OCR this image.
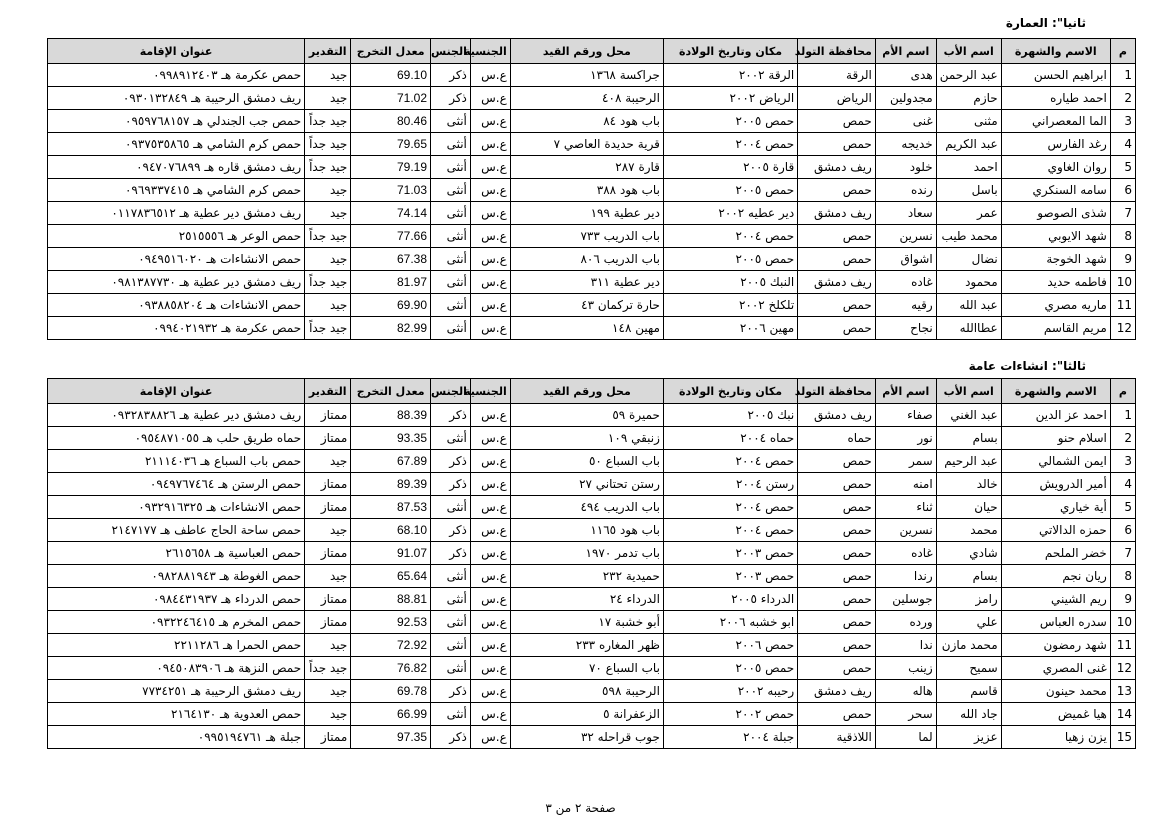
ثانيا": العمارة
م	الاسم والشهرة	اسم الأب	اسم الأم	محافظة التولد	مكان وتاريخ الولادة	محل ورقم القيد	الجنسية	الجنس	معدل التخرج	التقدير	عنوان الإقامة
1	ابراهيم الحسن	عبد الرحمن	هدى	الرقة	الرقة ٢٠٠٢	جراكسة ١٣٦٨	ع.س	ذكر	69.10	جيد	حمص عكرمة هـ ٠٩٩٨٩١٢٤٠٣
2	احمد طياره	حازم	مجدولين	الرياض	الرياض ٢٠٠٢	الرحيبة ٤٠٨	ع.س	ذكر	71.02	جيد	ريف دمشق الرحيبة هـ ٠٩٣٠١٣٢٨٤٩
3	الما المعصراني	مثنى	غنى	حمص	حمص ٢٠٠٥	باب هود ٨٤	ع.س	أنثى	80.46	جيد جداً	حمص جب الجندلي هـ ٠٩٥٩٧٦٨١٥٧
4	رغد الفارس	عبد الكريم	خديجه	حمص	حمص ٢٠٠٤	قرية حديدة العاصي ٧	ع.س	أنثى	79.65	جيد جداً	حمص كرم الشامي هـ ٠٩٣٧٥٣٥٨٦٥
5	روان الغاوي	احمد	خلود	ريف دمشق	قارة ٢٠٠٥	قارة ٢٨٧	ع.س	أنثى	79.19	جيد جداً	ريف دمشق قاره هـ ٠٩٤٧٠٧٦٨٩٩
6	سامه السنكري	باسل	رنده	حمص	حمص ٢٠٠٥	باب هود ٣٨٨	ع.س	أنثى	71.03	جيد	حمص كرم الشامي هـ ٠٩٦٩٣٣٧٤١٥
7	شذى الصوصو	عمر	سعاد	ريف دمشق	دير عطيه ٢٠٠٢	دير عطية ١٩٩	ع.س	أنثى	74.14	جيد	ريف دمشق دير عطية هـ ٠١١٧٨٣٦٥١٢
8	شهد الايوبي	محمد طيب	نسرين	حمص	حمص ٢٠٠٤	باب الدريب ٧٣٣	ع.س	أنثى	77.66	جيد جداً	حمص الوعر هـ ٢٥١٥٥٥٦
9	شهد الخوجة	نضال	اشواق	حمص	حمص ٢٠٠٥	باب الدريب ٨٠٦	ع.س	أنثى	67.38	جيد	حمص الانشاءات هـ ٠٩٤٩٥١٦٠٢٠
10	فاطمه حديد	محمود	غاده	ريف دمشق	النبك ٢٠٠٥	دير عطية ٣١١	ع.س	أنثى	81.97	جيد جداً	ريف دمشق دير عطية هـ ٠٩٨١٣٨٧٧٣٠
11	ماريه مصري	عبد الله	رقيه	حمص	تلكلخ ٢٠٠٢	حارة تركمان ٤٣	ع.س	أنثى	69.90	جيد	حمص الانشاءات هـ ٠٩٣٨٨٥٨٢٠٤
12	مريم القاسم	عطاالله	نجاح	حمص	مهين ٢٠٠٦	مهين ١٤٨	ع.س	أنثى	82.99	جيد جداً	حمص عكرمة هـ ٠٩٩٤٠٢١٩٣٢
ثالثا": انشاءات عامة
م	الاسم والشهرة	اسم الأب	اسم الأم	محافظة التولد	مكان وتاريخ الولادة	محل ورقم القيد	الجنسية	الجنس	معدل التخرج	التقدير	عنوان الإقامة
1	احمد عز الدين	عبد الغني	صفاء	ريف دمشق	نبك ٢٠٠٥	حميرة ٥٩	ع.س	ذكر	88.39	ممتاز	ريف دمشق دير عطية هـ ٠٩٣٢٨٣٨٨٢٦
2	اسلام حنو	بسام	نور	حماه	حماه ٢٠٠٤	زنبقي ١٠٩	ع.س	أنثى	93.35	ممتاز	حماه طريق حلب هـ ٠٩٥٤٨٧١٠٥٥
3	ايمن الشمالي	عبد الرحيم	سمر	حمص	حمص ٢٠٠٤	باب السباع ٥٠	ع.س	ذكر	67.89	جيد	حمص باب السباع هـ ٢١١١٤٠٣٦
4	أمير الدرويش	خالد	امنه	حمص	رستن ٢٠٠٤	رستن تحتاني ٢٧	ع.س	ذكر	89.39	ممتاز	حمص الرستن هـ ٠٩٤٩٧٦٧٤٦٤
5	أية خياري	حيان	ثناء	حمص	حمص ٢٠٠٤	باب الدريب ٤٩٤	ع.س	أنثى	87.53	ممتاز	حمص الانشاءات هـ ٠٩٣٢٩١٦٣٢٥
6	حمزه الدالاتي	محمد	نسرين	حمص	حمص ٢٠٠٤	باب هود ١١٦٥	ع.س	ذكر	68.10	جيد	حمص ساحة الحاج عاطف هـ ٢١٤٧١٧٧
7	خضر الملحم	شادي	غاده	حمص	حمص ٢٠٠٣	باب تدمر ١٩٧٠	ع.س	ذكر	91.07	ممتاز	حمص العباسية هـ ٢٦١٥٦٥٨
8	ريان نجم	بسام	رندا	حمص	حمص ٢٠٠٣	حميدية ٢٣٢	ع.س	أنثى	65.64	جيد	حمص الغوطة هـ ٠٩٨٢٨٨١٩٤٣
9	ريم الشيني	رامز	جوسلين	حمص	الدرداء ٢٠٠٥	الدرداء ٢٤	ع.س	أنثى	88.81	ممتاز	حمص الدرداء هـ ٠٩٨٤٤٣١٩٣٧
10	سدره العباس	علي	ورده	حمص	ابو خشبه ٢٠٠٦	أبو خشبة ١٧	ع.س	أنثى	92.53	ممتاز	حمص المخرم هـ ٠٩٣٢٢٤٦٤١٥
11	شهد رمضون	محمد مازن	ندا	حمص	حمص ٢٠٠٦	ظهر المغاره ٢٣٣	ع.س	أنثى	72.92	جيد	حمص الحمرا هـ ٢٢١١٢٨٦
12	غنى المصري	سميح	زينب	حمص	حمص ٢٠٠٥	باب السباع ٧٠	ع.س	أنثى	76.82	جيد جداً	حمص النزهة هـ ٠٩٤٥٠٨٣٩٠٦
13	محمد حينون	قاسم	هاله	ريف دمشق	رحيبه ٢٠٠٢	الرحيبة ٥٩٨	ع.س	ذكر	69.78	جيد	ريف دمشق الرحيبة هـ ٧٧٣٤٢٥١
14	هيا غميض	جاد الله	سحر	حمص	حمص ٢٠٠٢	الزعفرانة ٥	ع.س	أنثى	66.99	جيد	حمص العدوية هـ ٢١٦٤١٣٠
15	يزن زهيا	عزيز	لما	اللاذقية	جبلة ٢٠٠٤	جوب قراحله ٣٢	ع.س	ذكر	97.35	ممتاز	جبلة هـ ٠٩٩٥١٩٤٧٦١
صفحة ٢ من ٣
